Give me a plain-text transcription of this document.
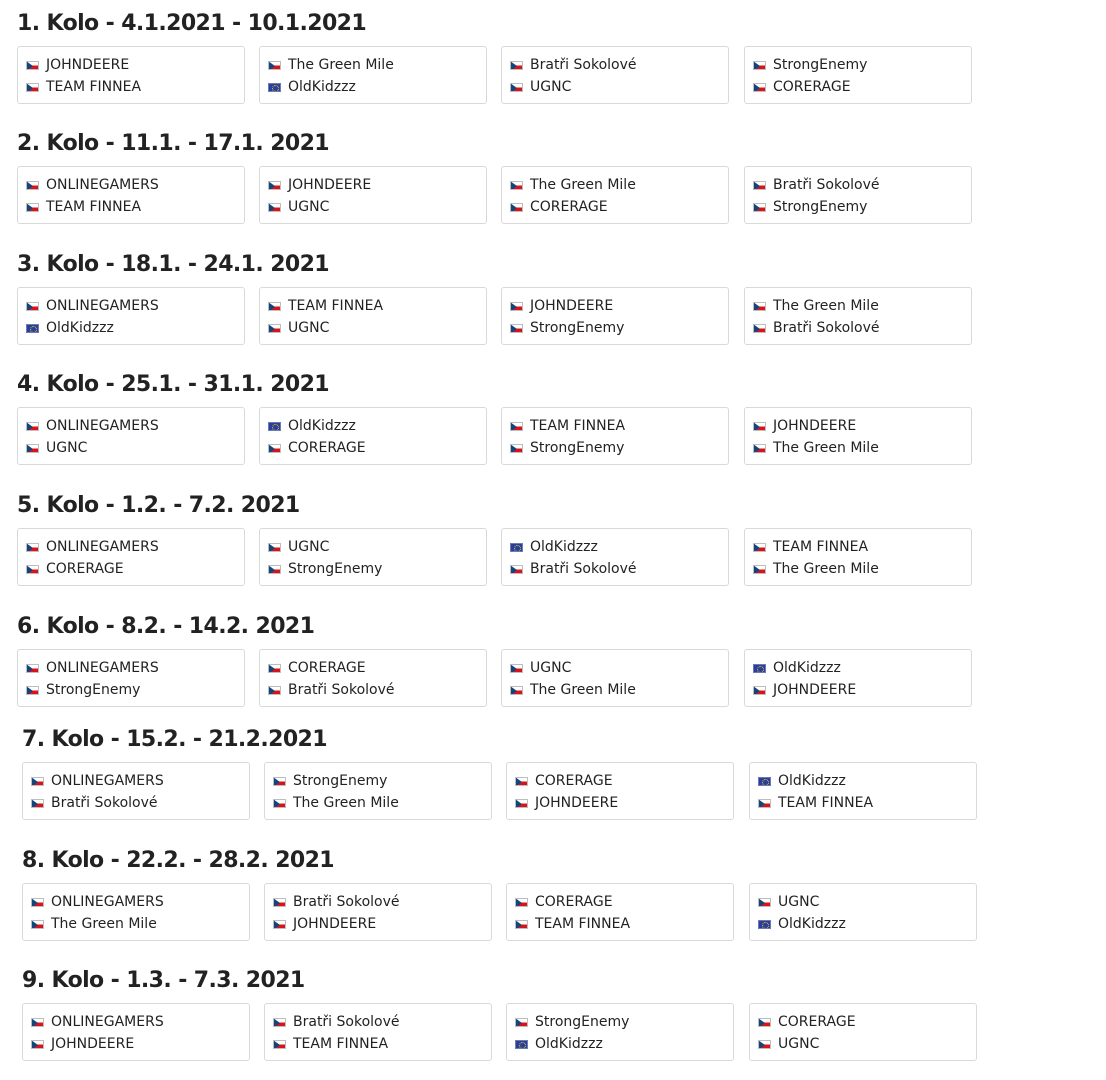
1. Kolo - 4.1.2021 - 10.1.2021
JOHNDEERE
TEAM FINNEA
The Green Mile
OldKidzzz
Bratři Sokolové
UGNC
StrongEnemy
CORERAGE
2. Kolo - 11.1. - 17.1. 2021
ONLINEGAMERS
TEAM FINNEA
JOHNDEERE
UGNC
The Green Mile
CORERAGE
Bratři Sokolové
StrongEnemy
3. Kolo - 18.1. - 24.1. 2021
ONLINEGAMERS
OldKidzzz
TEAM FINNEA
UGNC
JOHNDEERE
StrongEnemy
The Green Mile
Bratři Sokolové
4. Kolo - 25.1. - 31.1. 2021
ONLINEGAMERS
UGNC
OldKidzzz
CORERAGE
TEAM FINNEA
StrongEnemy
JOHNDEERE
The Green Mile
5. Kolo - 1.2. - 7.2. 2021
ONLINEGAMERS
CORERAGE
UGNC
StrongEnemy
OldKidzzz
Bratři Sokolové
TEAM FINNEA
The Green Mile
6. Kolo - 8.2. - 14.2. 2021
ONLINEGAMERS
StrongEnemy
CORERAGE
Bratři Sokolové
UGNC
The Green Mile
OldKidzzz
JOHNDEERE
7. Kolo - 15.2. - 21.2.2021
ONLINEGAMERS
Bratři Sokolové
StrongEnemy
The Green Mile
CORERAGE
JOHNDEERE
OldKidzzz
TEAM FINNEA
8. Kolo - 22.2. - 28.2. 2021
ONLINEGAMERS
The Green Mile
Bratři Sokolové
JOHNDEERE
CORERAGE
TEAM FINNEA
UGNC
OldKidzzz
9. Kolo - 1.3. - 7.3. 2021
ONLINEGAMERS
JOHNDEERE
Bratři Sokolové
TEAM FINNEA
StrongEnemy
OldKidzzz
CORERAGE
UGNC
